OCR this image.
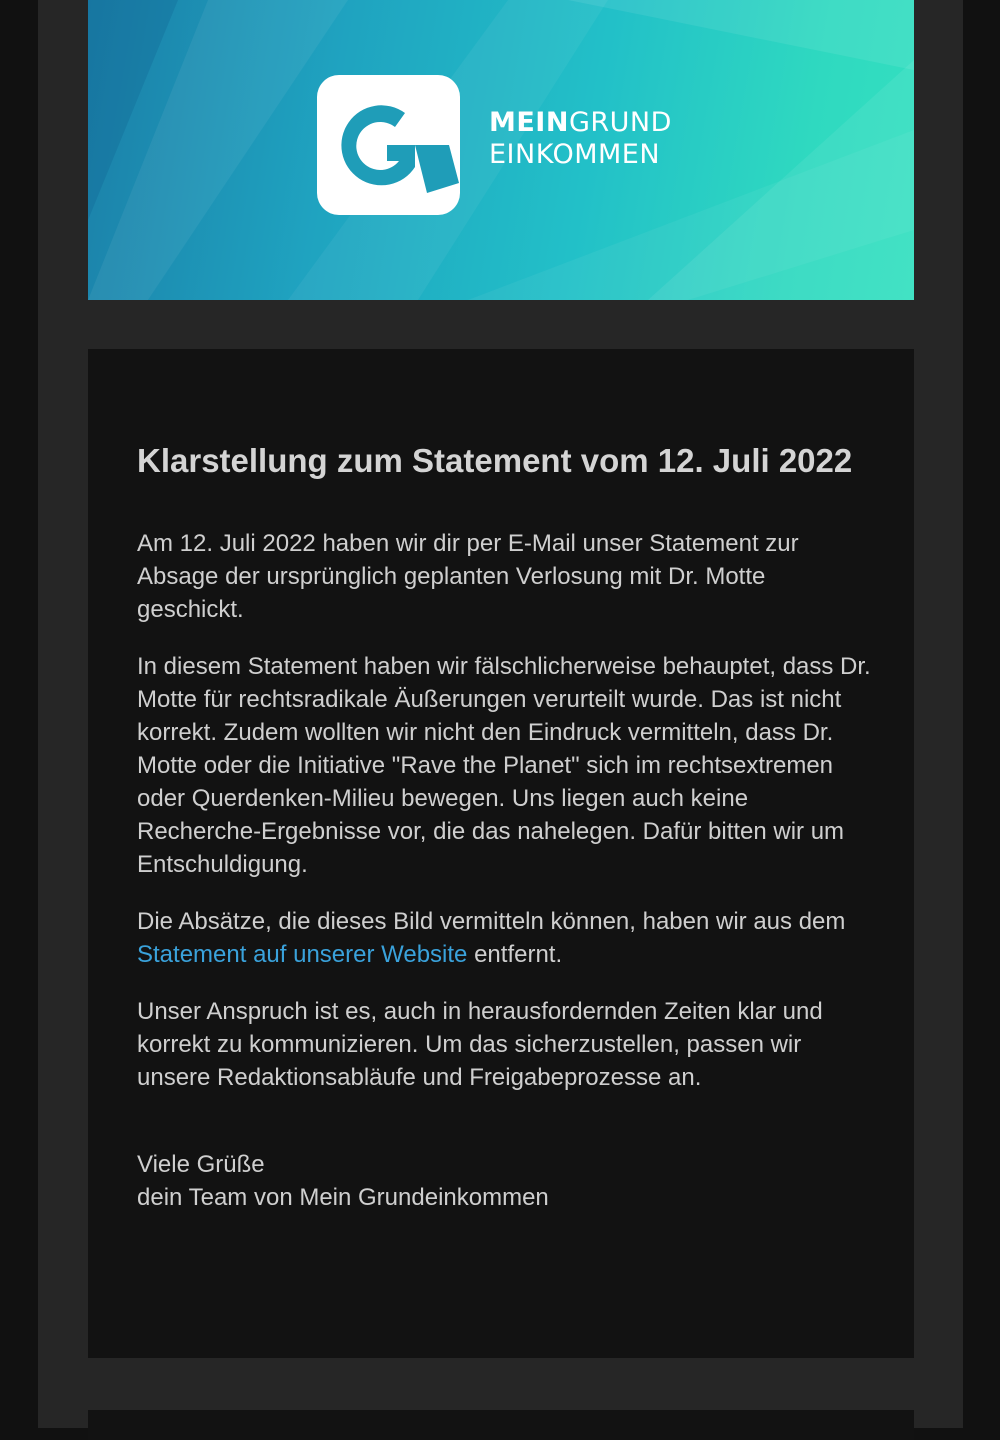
MEINGRUND
EINKOMMEN
Klarstellung zum Statement vom 12. Juli 2022

Am 12. Juli 2022 haben wir dir per E-Mail unser Statement zur Absage der ursprünglich geplanten Verlosung mit Dr. Motte geschickt.

In diesem Statement haben wir fälschlicherweise behauptet, dass Dr. Motte für rechtsradikale Äußerungen verurteilt wurde. Das ist nicht korrekt. Zudem wollten wir nicht den Eindruck vermitteln, dass Dr. Motte oder die Initiative "Rave the Planet" sich im rechtsextremen oder Querdenken-Milieu bewegen. Uns liegen auch keine Recherche-Ergebnisse vor, die das nahelegen. Dafür bitten wir um Entschuldigung.

Die Absätze, die dieses Bild vermitteln können, haben wir aus dem Statement auf unserer Website entfernt.

Unser Anspruch ist es, auch in herausfordernden Zeiten klar und korrekt zu kommunizieren. Um das sicherzustellen, passen wir unsere Redaktionsabläufe und Freigabeprozesse an.

Viele Grüße
dein Team von Mein Grundeinkommen
